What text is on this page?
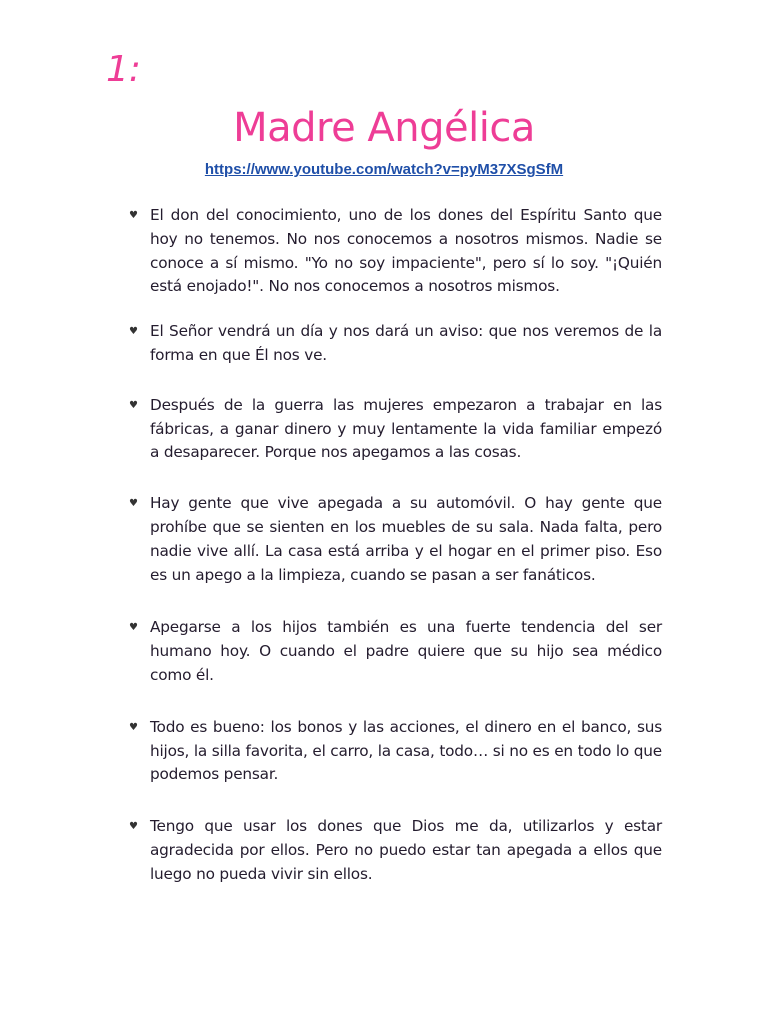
1:
Madre Angélica
https://www.youtube.com/watch?v=pyM37XSgSfM
♥ El don del conocimiento, uno de los dones del Espíritu Santo que hoy no tenemos. No nos conocemos a nosotros mismos. Nadie se conoce a sí mismo. "Yo no soy impaciente", pero sí lo soy. "¡Quién está enojado!". No nos conocemos a nosotros mismos.
♥ El Señor vendrá un día y nos dará un aviso: que nos veremos de la forma en que Él nos ve.
♥ Después de la guerra las mujeres empezaron a trabajar en las fábricas, a ganar dinero y muy lentamente la vida familiar empezó a desaparecer. Porque nos apegamos a las cosas.
♥ Hay gente que vive apegada a su automóvil. O hay gente que prohíbe que se sienten en los muebles de su sala. Nada falta, pero nadie vive allí. La casa está arriba y el hogar en el primer piso. Eso es un apego a la limpieza, cuando se pasan a ser fanáticos.
♥ Apegarse a los hijos también es una fuerte tendencia del ser humano hoy. O cuando el padre quiere que su hijo sea médico como él.
♥ Todo es bueno: los bonos y las acciones, el dinero en el banco, sus hijos, la silla favorita, el carro, la casa, todo… si no es en todo lo que podemos pensar.
♥ Tengo que usar los dones que Dios me da, utilizarlos y estar agradecida por ellos. Pero no puedo estar tan apegada a ellos que luego no pueda vivir sin ellos.
